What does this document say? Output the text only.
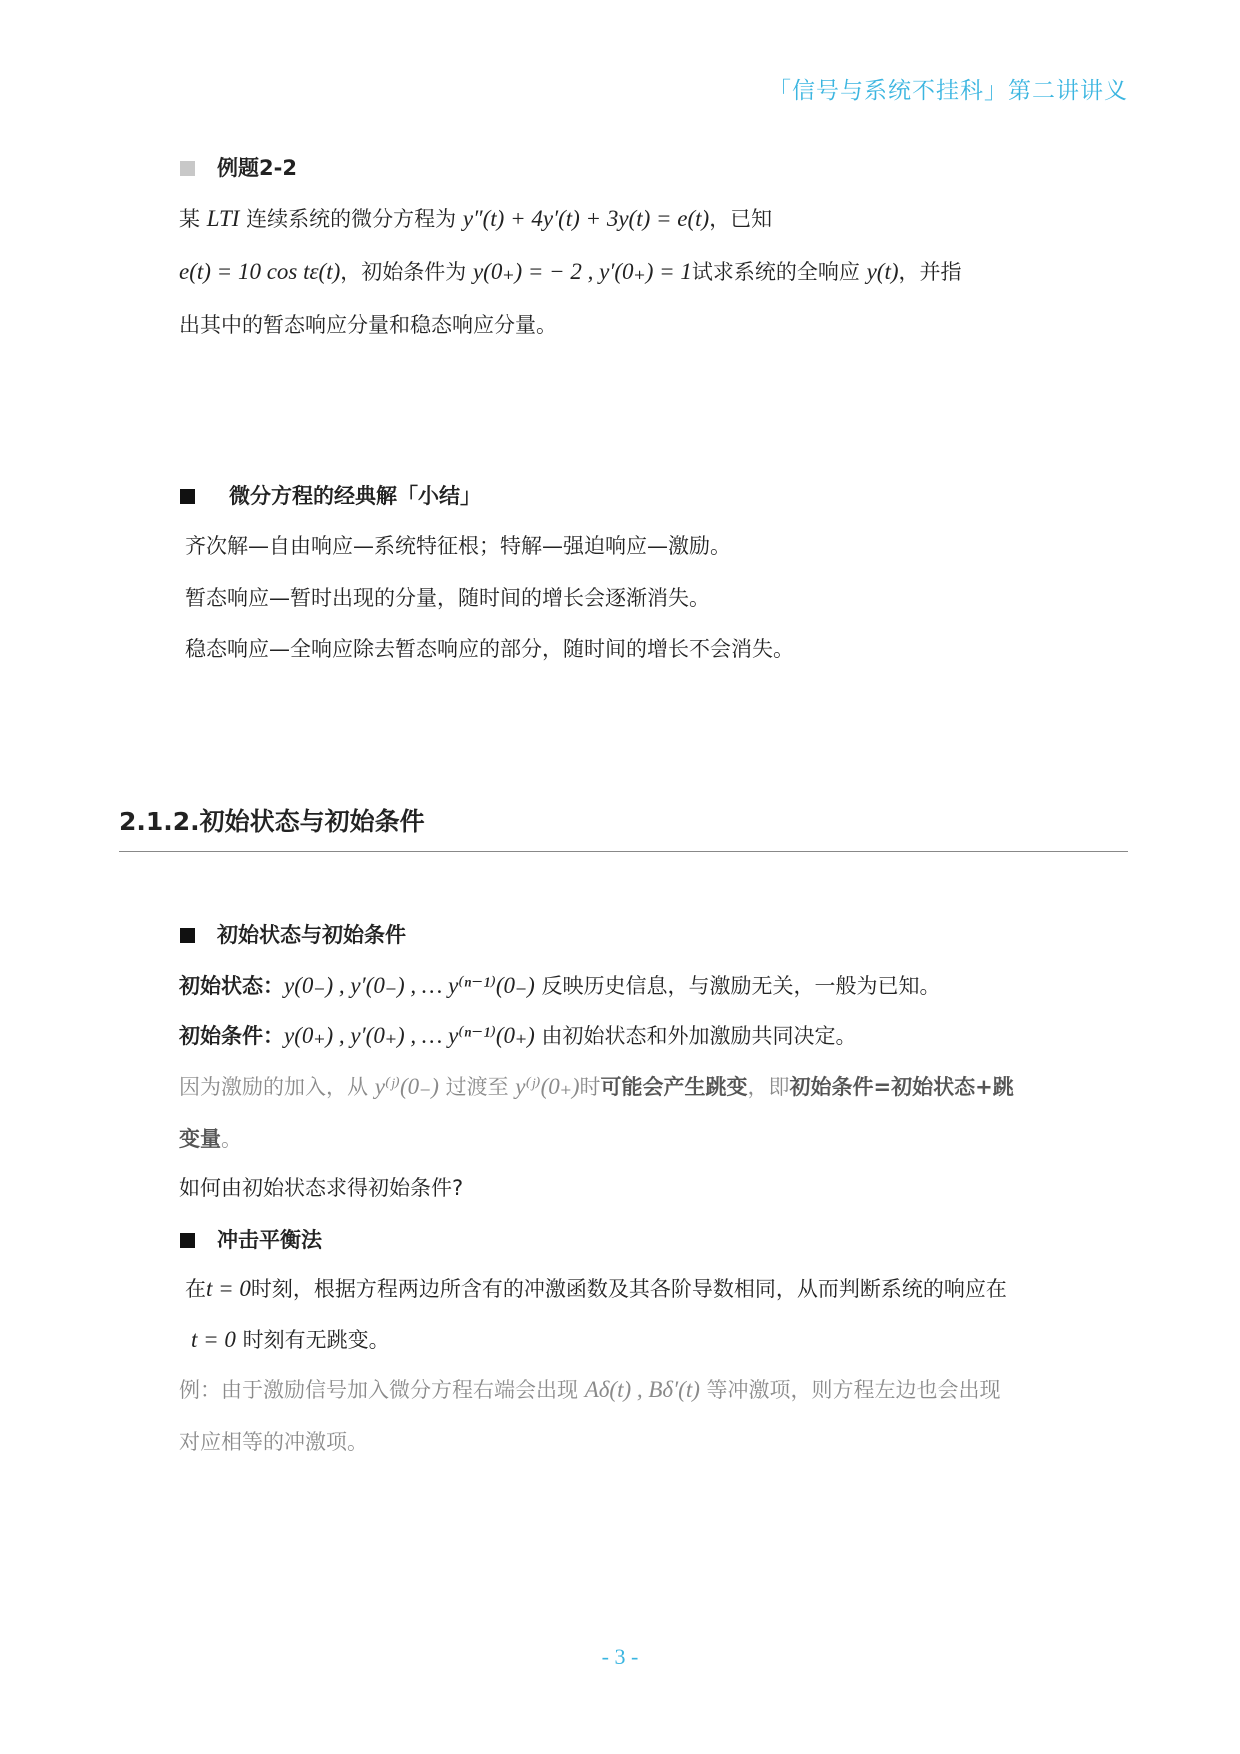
「信号与系统不挂科」第二讲讲义
例题2-2
某 LTI 连续系统的微分方程为 y″(t) + 4y′(t) + 3y(t) = e(t)，已知
e(t) = 10 cos tε(t)，初始条件为 y(0₊) = − 2 , y′(0₊) = 1试求系统的全响应 y(t)，并指
出其中的暂态响应分量和稳态响应分量。
微分方程的经典解「小结」
齐次解—自由响应—系统特征根；特解—强迫响应—激励。
暂态响应—暂时出现的分量，随时间的增长会逐渐消失。
稳态响应—全响应除去暂态响应的部分，随时间的增长不会消失。
2.1.2.初始状态与初始条件
初始状态与初始条件
初始状态：y(0₋) , y′(0₋) , … y⁽ⁿ⁻¹⁾(0₋) 反映历史信息，与激励无关，一般为已知。
初始条件：y(0₊) , y′(0₊) , … y⁽ⁿ⁻¹⁾(0₊) 由初始状态和外加激励共同决定。
因为激励的加入，从 y⁽ʲ⁾(0₋) 过渡至 y⁽ʲ⁾(0₊)时可能会产生跳变，即初始条件=初始状态+跳
变量。
如何由初始状态求得初始条件?
冲击平衡法
在t = 0时刻，根据方程两边所含有的冲激函数及其各阶导数相同，从而判断系统的响应在
t = 0 时刻有无跳变。
例：由于激励信号加入微分方程右端会出现 Aδ(t) , Bδ′(t) 等冲激项，则方程左边也会出现
对应相等的冲激项。
- 3 -
